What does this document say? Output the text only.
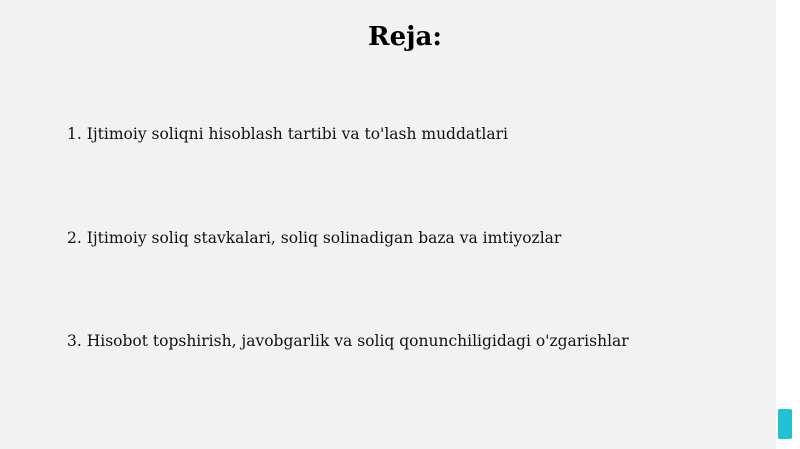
Reja:
1. Ijtimoiy soliqni hisoblash tartibi va to'lash muddatlari
2. Ijtimoiy soliq stavkalari, soliq solinadigan baza va imtiyozlar
3. Hisobot topshirish, javobgarlik va soliq qonunchiligidagi o'zgarishlar
